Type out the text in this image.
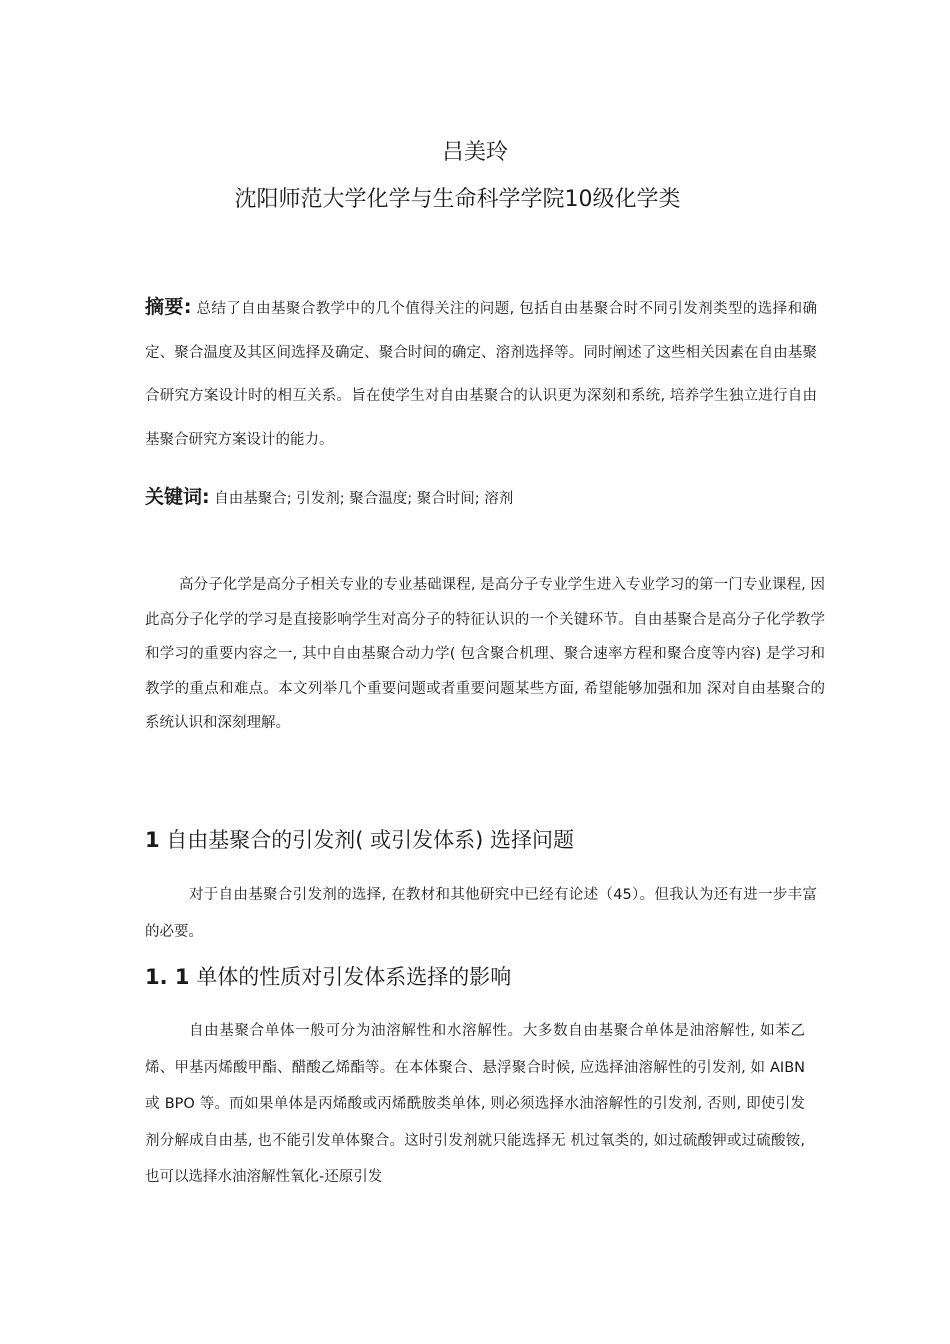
吕美玲
沈阳师范大学化学与生命科学学院10级化学类
摘要: 总结了自由基聚合教学中的几个值得关注的问题, 包括自由基聚合时不同引发剂类型的选择和确定、聚合温度及其区间选择及确定、聚合时间的确定、溶剂选择等。同时阐述了这些相关因素在自由基聚合研究方案设计时的相互关系。旨在使学生对自由基聚合的认识更为深刻和系统, 培养学生独立进行自由基聚合研究方案设计的能力。
关键词: 自由基聚合; 引发剂; 聚合温度; 聚合时间; 溶剂
高分子化学是高分子相关专业的专业基础课程, 是高分子专业学生进入专业学习的第一门专业课程, 因此高分子化学的学习是直接影响学生对高分子的特征认识的一个关键环节。自由基聚合是高分子化学教学和学习的重要内容之一, 其中自由基聚合动力学( 包含聚合机理、聚合速率方程和聚合度等内容) 是学习和教学的重点和难点。本文列举几个重要问题或者重要问题某些方面, 希望能够加强和加 深对自由基聚合的系统认识和深刻理解。
1 自由基聚合的引发剂( 或引发体系) 选择问题
对于自由基聚合引发剂的选择, 在教材和其他研究中已经有论述（45）。但我认为还有进一步丰富的必要。
1. 1 单体的性质对引发体系选择的影响
自由基聚合单体一般可分为油溶解性和水溶解性。大多数自由基聚合单体是油溶解性, 如苯乙烯、甲基丙烯酸甲酯、醋酸乙烯酯等。在本体聚合、悬浮聚合时候, 应选择油溶解性的引发剂, 如 AIBN 或 BPO 等。而如果单体是丙烯酸或丙烯酰胺类单体, 则必须选择水油溶解性的引发剂, 否则, 即使引发剂分解成自由基, 也不能引发单体聚合。这时引发剂就只能选择无 机过氧类的, 如过硫酸钾或过硫酸铵, 也可以选择水油溶解性氧化-还原引发
